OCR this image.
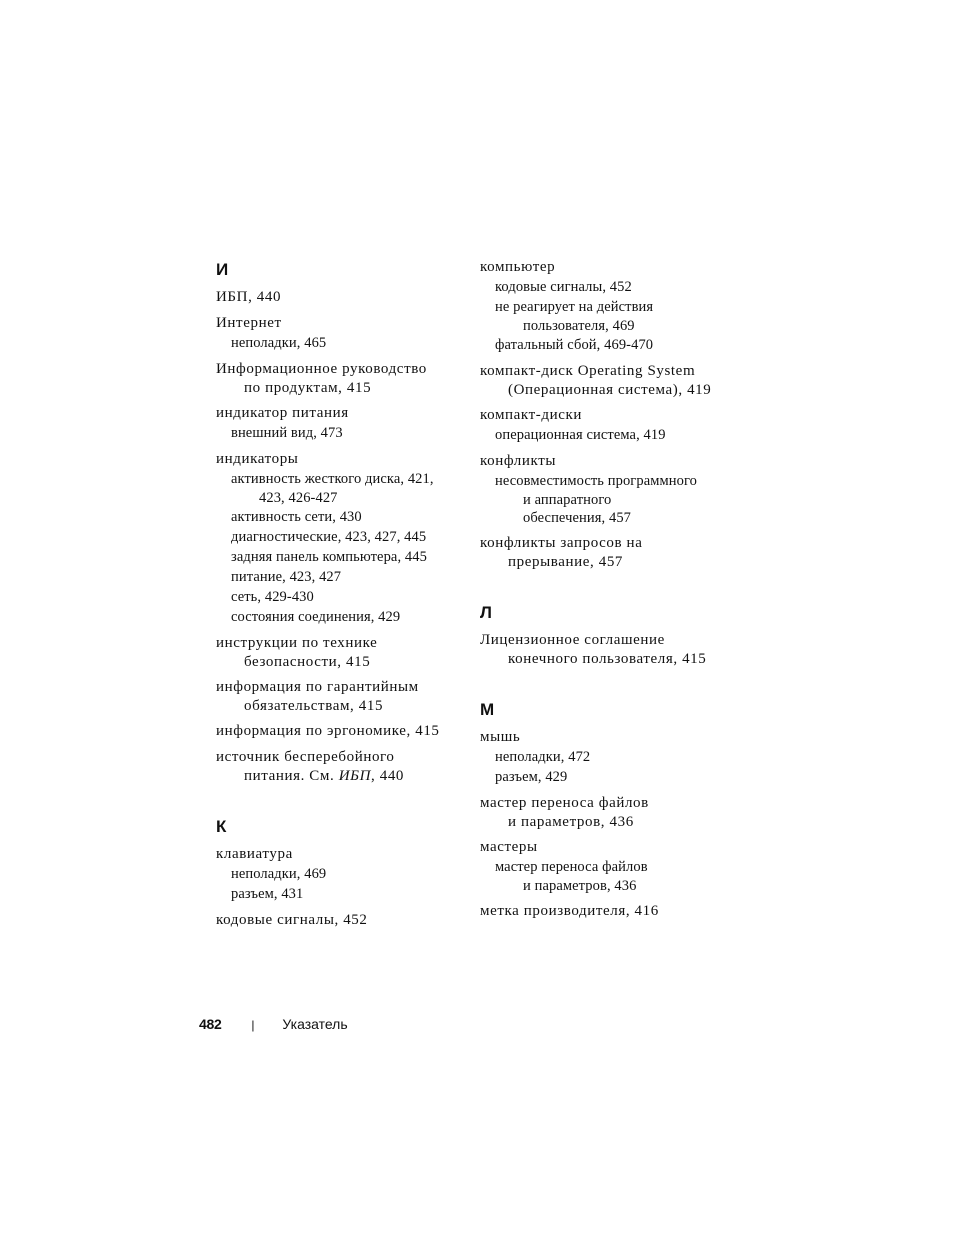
И
ИБП, 440
Интернет
неполадки, 465
Информационное руководство
по продуктам, 415
индикатор питания
внешний вид, 473
индикаторы
активность жесткого диска, 421,
423, 426-427
активность сети, 430
диагностические, 423, 427, 445
задняя панель компьютера, 445
питание, 423, 427
сеть, 429-430
состояния соединения, 429
инструкции по технике
безопасности, 415
информация по гарантийным
обязательствам, 415
информация по эргономике, 415
источник бесперебойного
питания. См. ИБП, 440
К
клавиатура
неполадки, 469
разъем, 431
кодовые сигналы, 452
компьютер
кодовые сигналы, 452
не реагирует на действия
пользователя, 469
фатальный сбой, 469-470
компакт-диск Operating System
(Операционная система), 419
компакт-диски
операционная система, 419
конфликты
несовместимость программного
и аппаратного
обеспечения, 457
конфликты запросов на
прерывание, 457
Л
Лицензионное соглашение
конечного пользователя, 415
М
мышь
неполадки, 472
разъем, 429
мастер переноса файлов
и параметров, 436
мастеры
мастер переноса файлов
и параметров, 436
метка производителя, 416
482 | Указатель
